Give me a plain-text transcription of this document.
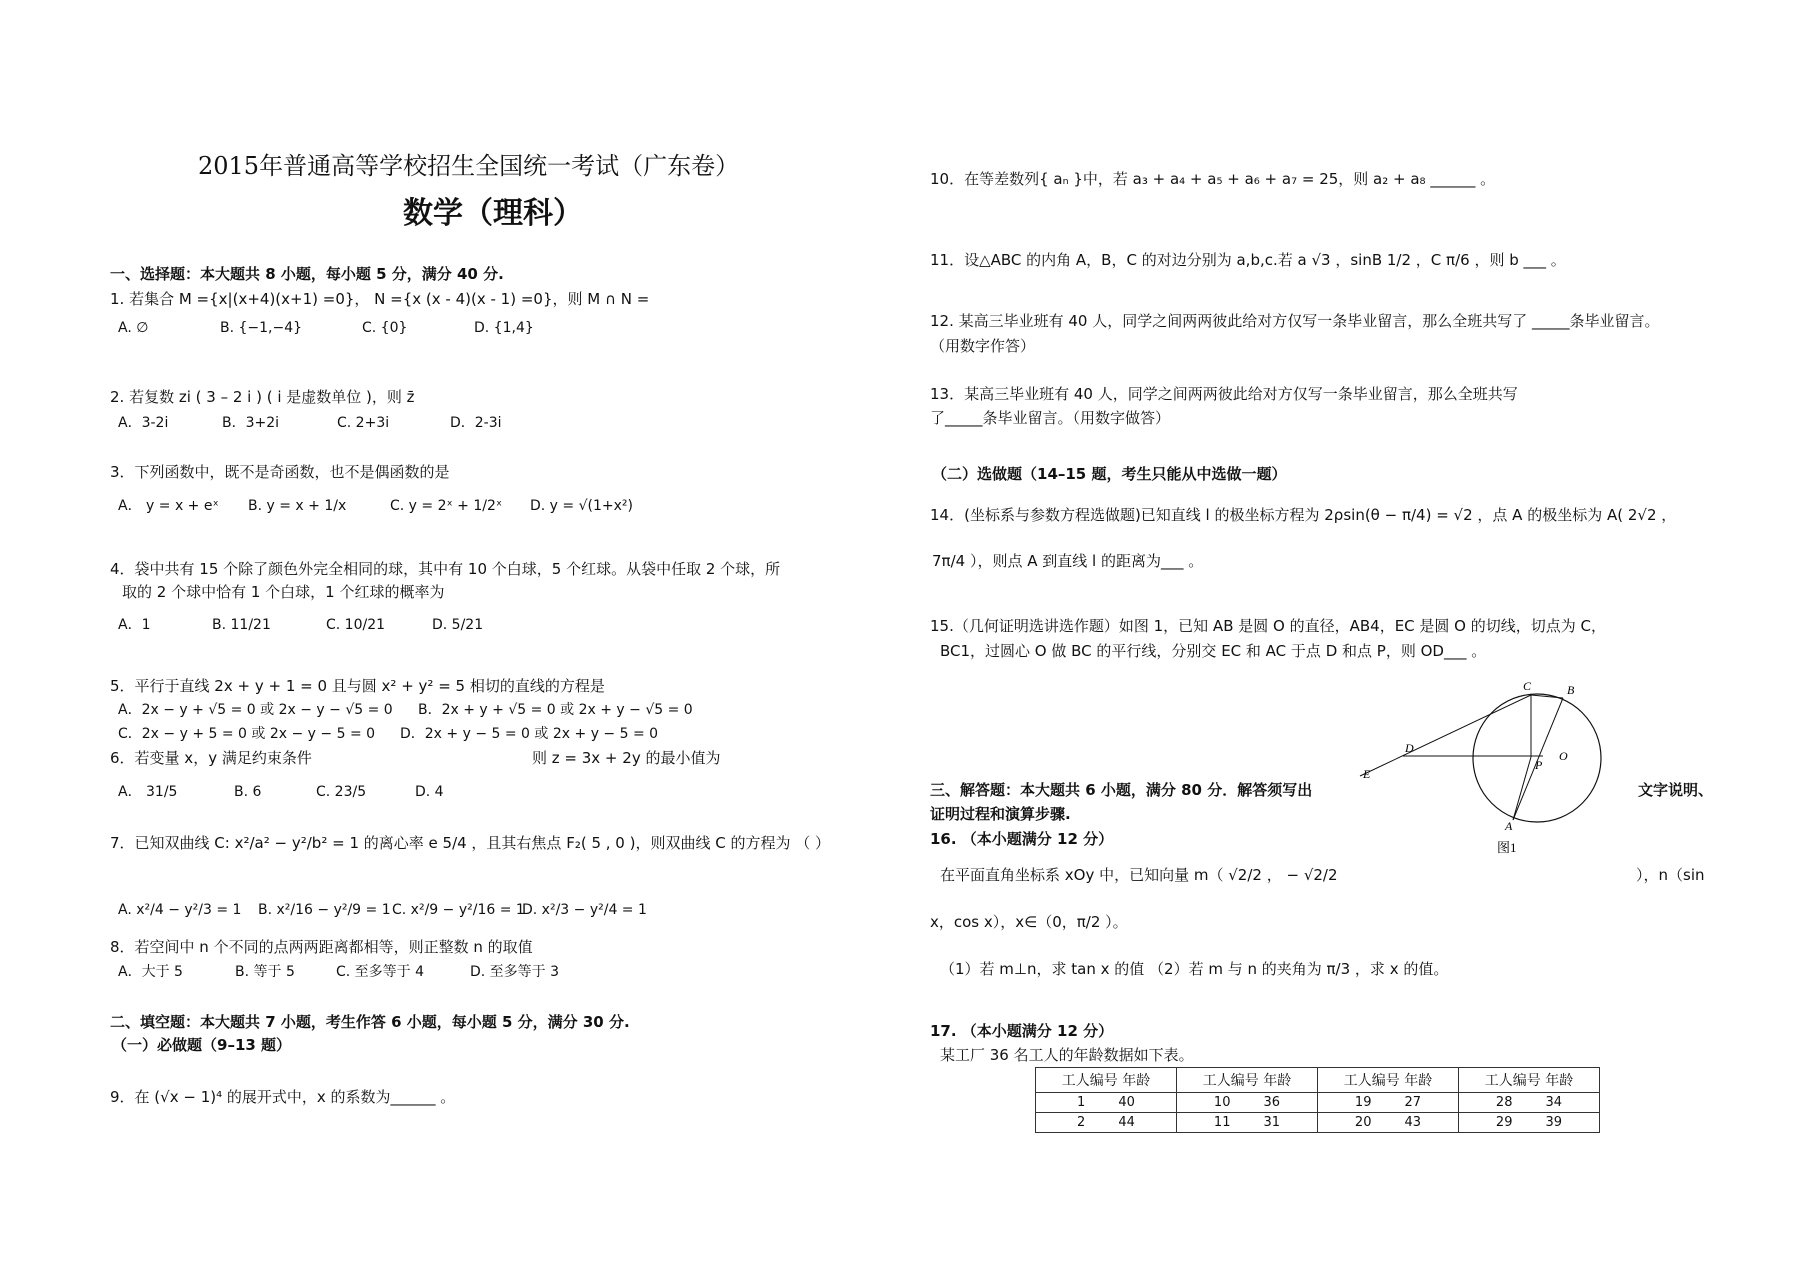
2015年普通高等学校招生全国统一考试（广东卷）
数学（理科）
一、选择题：本大题共 8 小题，每小题 5 分，满分 40 分.
1. 若集合 M ={x|(x+4)(x+1) =0}， N ={x (x - 4)(x - 1) =0}，则 M ∩ N =
A. ∅	B. {−1,−4}	C. {0}	D. {1,4}
2. 若复数 zi ( 3 – 2 i ) ( i 是虚数单位 )，则 z̄
A．3-2i	B．3+2i	C. 2+3i	D．2-3i
3．下列函数中，既不是奇函数，也不是偶函数的是
A． y = x + eˣ B. y = x + 1/x	C. y = 2ˣ + 1/2ˣ D. y = √(1+x²)
4．袋中共有 15 个除了颜色外完全相同的球，其中有 10 个白球，5 个红球。从袋中任取 2 个球，所
取的 2 个球中恰有 1 个白球，1 个红球的概率为
A．1	B. 11/21	C. 10/21	D. 5/21
5．平行于直线 2x + y + 1 = 0 且与圆 x² + y² = 5 相切的直线的方程是
A．2x − y + √5 = 0 或 2x − y − √5 = 0 B．2x + y + √5 = 0 或 2x + y − √5 = 0
C．2x − y + 5 = 0 或 2x − y − 5 = 0 D．2x + y − 5 = 0 或 2x + y − 5 = 0
6．若变量 x，y 满足约束条件	则 z = 3x + 2y 的最小值为
A． 31/5	B. 6	C. 23/5	D. 4
7．已知双曲线 C: x²/a² − y²/b² = 1 的离心率 e 5/4 ，且其右焦点 F₂( 5 , 0 )，则双曲线 C 的方程为 （ ）
A. x²/4 − y²/3 = 1 B. x²/16 − y²/9 = 1 C. x²/9 − y²/16 = 1
D. x²/3 − y²/4 = 1
8．若空间中 n 个不同的点两两距离都相等，则正整数 n 的取值
A．大于 5	B. 等于 5	C. 至多等于 4	D. 至多等于 3
二、填空题：本大题共 7 小题，考生作答 6 小题，每小题 5 分，满分 30 分.
（一）必做题（9–13 题）
9．在 (√x − 1)⁴ 的展开式中，x 的系数为______ 。
10．在等差数列{ aₙ }中，若 a₃ + a₄ + a₅ + a₆ + a₇ = 25，则 a₂ + a₈ ______ 。
11．设△ABC 的内角 A，B，C 的对边分别为 a,b,c.若 a √3 ，sinB 1/2 ，C π/6 ，则 b ___ 。
12. 某高三毕业班有 40 人，同学之间两两彼此给对方仅写一条毕业留言，那么全班共写了 _____条毕业留言。
（用数字作答）
13．某高三毕业班有 40 人，同学之间两两彼此给对方仅写一条毕业留言，那么全班共写
了_____条毕业留言。（用数字做答）
（二）选做题（14–15 题，考生只能从中选做一题）
14．(坐标系与参数方程选做题)已知直线 l 的极坐标方程为 2ρsin(θ − π/4) = √2 ，点 A 的极坐标为 A( 2√2 ，
7π/4 ），则点 A 到直线 l 的距离为___ 。
15.（几何证明选讲选作题）如图 1，已知 AB 是圆 O 的直径，AB4，EC 是圆 O 的切线，切点为 C，
BC1，过圆心 O 做 BC 的平行线，分别交 EC 和 AC 于点 D 和点 P，则 OD___ 。
C	B
D
O
P
E
A
图1
三、解答题：本大题共 6 小题，满分 80 分．解答须写出	文字说明、
证明过程和演算步骤.
16. （本小题满分 12 分）
在平面直角坐标系 xOy 中，已知向量 m（ √2/2 ， − √2/2	），n（sin
x，cos x），x∈（0，π/2 ）。
（1）若 m⊥n，求 tan x 的值 （2）若 m 与 n 的夹角为 π/3 ，求 x 的值。
17. （本小题满分 12 分）
某工厂 36 名工人的年龄数据如下表。
工人编号 年龄	工人编号 年龄	工人编号 年龄	工人编号 年龄
1 40	10 36	19 27	28 34
2 44	11 31	20 43	29 39
